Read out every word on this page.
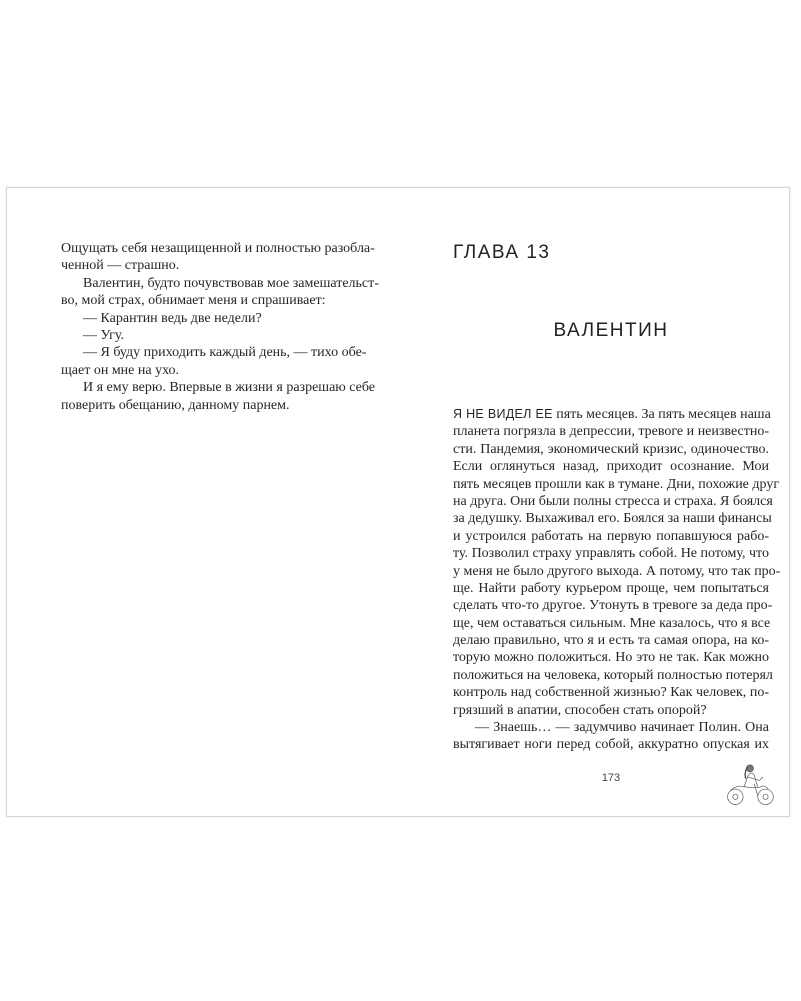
Ощущать себя незащищенной и полностью разобла-
ченной — страшно.
Валентин, будто почувствовав мое замешательст-
во, мой страх, обнимает меня и спрашивает:
— Карантин ведь две недели?
— Угу.
— Я буду приходить каждый день, — тихо обе-
щает он мне на ухо.
И я ему верю. Впервые в жизни я разрешаю себе
поверить обещанию, данному парнем.
ГЛАВА 13
ВАЛЕНТИН
Я НЕ ВИДЕЛ ЕЕ пять месяцев. За пять месяцев наша
планета погрязла в депрессии, тревоге и неизвестно-
сти. Пандемия, экономический кризис, одиночество.
Если оглянуться назад, приходит осознание. Мои
пять месяцев прошли как в тумане. Дни, похожие друг
на друга. Они были полны стресса и страха. Я боялся
за дедушку. Выхаживал его. Боялся за наши финансы
и устроился работать на первую попавшуюся рабо-
ту. Позволил страху управлять собой. Не потому, что
у меня не было другого выхода. А потому, что так про-
ще. Найти работу курьером проще, чем попытаться
сделать что-то другое. Утонуть в тревоге за деда про-
ще, чем оставаться сильным. Мне казалось, что я все
делаю правильно, что я и есть та самая опора, на ко-
торую можно положиться. Но это не так. Как можно
положиться на человека, который полностью потерял
контроль над собственной жизнью? Как человек, по-
грязший в апатии, способен стать опорой?
— Знаешь… — задумчиво начинает Полин. Она
вытягивает ноги перед собой, аккуратно опуская их
173
